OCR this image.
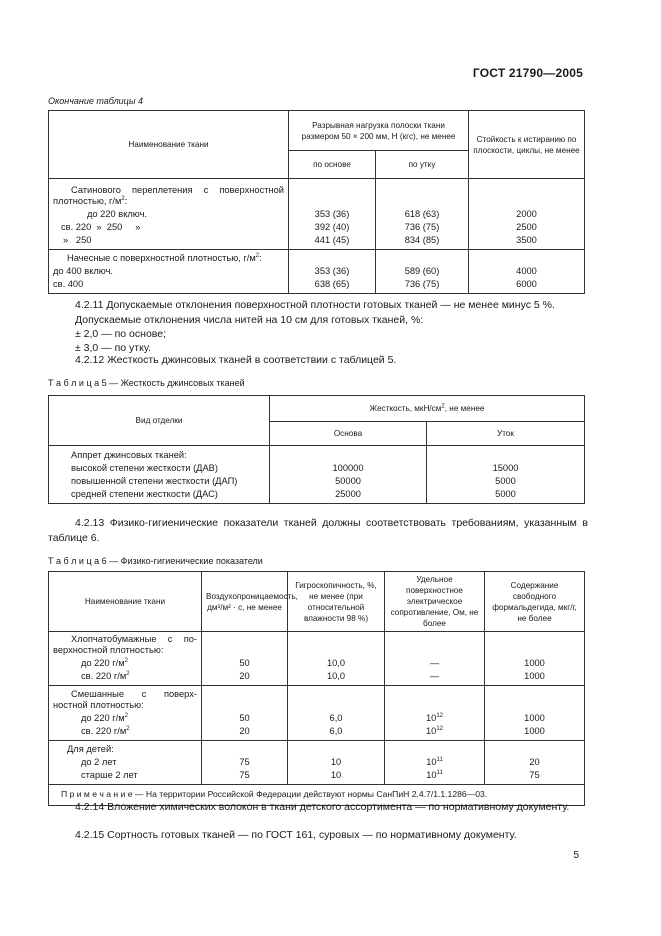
ГОСТ 21790—2005
Окончание таблицы 4
Наименование ткани	Разрывная нагрузка полоски ткани размером 50 × 200 мм, Н (кгс), не менее		Стойкость к истиранию по плоскости, циклы, не менее
	по основе	по утку	

Сатинового переплетения с поверхностной
плотностью, $г/м^2$:			

до 220 включ.	353 (36)	618 (63)	2000
св. 220  »  250     »	392 (40)	736 (75)	2500
»   250	441 (45)	834 (85)	3500
Начесные с поверхностной плотностью, $г/м^2$:			
до 400 включ.	353 (36)	589 (60)	4000
св. 400	638 (65)	736 (75)	6000
4.2.11 Допускаемые отклонения поверхностной плотности готовых тканей — не менее минус 5 %.
Допускаемые отклонения числа нитей на 10 см для готовых тканей, %:
± 2,0 — по основе;
± 3,0 — по утку.
4.2.12 Жесткость джинсовых тканей в соответствии с таблицей 5.
Т а б л и ц а 5 — Жесткость джинсовых тканей
Вид отделки	Жесткость, мкН/$см^2$, не менее	
	Основа	Уток
Аппрет джинсовых тканей:		
высокой степени жесткости (ДАВ)	100000	15000
повышенной степени жесткости (ДАП)	50000	5000
средней степени жесткости (ДАС)	25000	5000
4.2.13 Физико-гигиенические показатели тканей должны соответствовать требованиям, указанным в таблице 6.
Т а б л и ц а 6 — Физико-гигиенические показатели
Наименование ткани	Воздухопроницаемость, дм³/м² · с, не менее	Гигроскопичность, %, не менее (при относительной влажности 98 %)	Удельное поверхностное электрическое сопротивление, Ом, не более	Содержание свободного формальдегида, мкг/г, не более

Хлопчатобумажные с по-
верхностной плотностью:				

до 220 $г/м^2$	50	10,0	—	1000
св. 220 $г/м^2$	20	10,0	—	1000

Смешанные с поверх-
ностной плотностью:				

до 220 $г/м^2$	50	6,0	$10^{12}$	1000
св. 220 $г/м^2$	20	6,0	$10^{12}$	1000
Для детей:				
до 2 лет	75	10	$10^{11}$	20
старше 2 лет	75	10	$10^{11}$	75
П р и м е ч а н и е — На территории Российской Федерации действуют нормы СанПиН 2.4.7/1.1.1286—03.				
4.2.14 Вложение химических волокон в ткани детского ассортимента — по нормативному документу.
4.2.15 Сортность готовых тканей — по ГОСТ 161, суровых — по нормативному документу.
5
